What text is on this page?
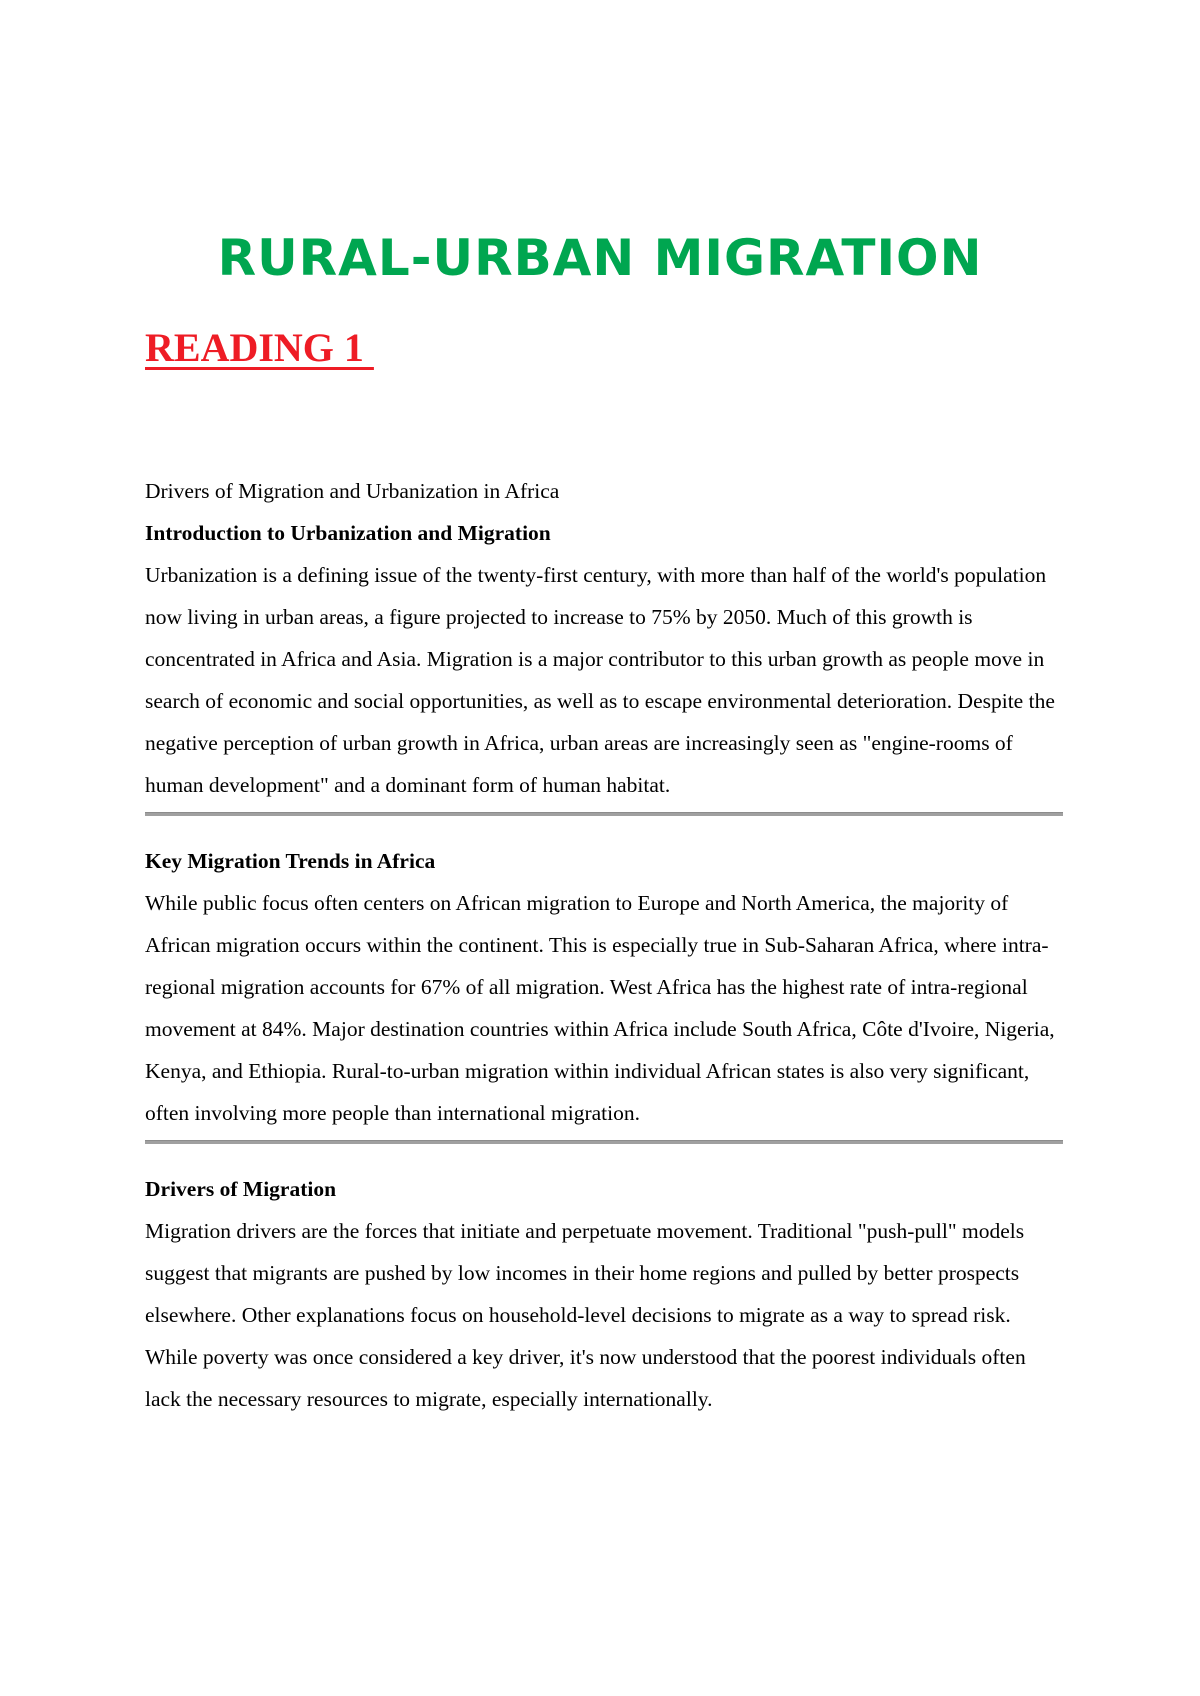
RURAL-URBAN MIGRATION
READING 1

Drivers of Migration and Urbanization in Africa

Introduction to Urbanization and Migration

Urbanization is a defining issue of the twenty-first century, with more than half of the world's population now living in urban areas, a figure projected to increase to 75% by 2050. Much of this growth is concentrated in Africa and Asia. Migration is a major contributor to this urban growth as people move in search of economic and social opportunities, as well as to escape environmental deterioration. Despite the negative perception of urban growth in Africa, urban areas are increasingly seen as "engine-rooms of human development" and a dominant form of human habitat.

Key Migration Trends in Africa

While public focus often centers on African migration to Europe and North America, the majority of African migration occurs within the continent. This is especially true in Sub-Saharan Africa, where intra-regional migration accounts for 67% of all migration. West Africa has the highest rate of intra-regional movement at 84%. Major destination countries within Africa include South Africa, Côte d'Ivoire, Nigeria, Kenya, and Ethiopia. Rural-to-urban migration within individual African states is also very significant, often involving more people than international migration.

Drivers of Migration

Migration drivers are the forces that initiate and perpetuate movement. Traditional "push-pull" models suggest that migrants are pushed by low incomes in their home regions and pulled by better prospects elsewhere. Other explanations focus on household-level decisions to migrate as a way to spread risk. While poverty was once considered a key driver, it's now understood that the poorest individuals often lack the necessary resources to migrate, especially internationally.
